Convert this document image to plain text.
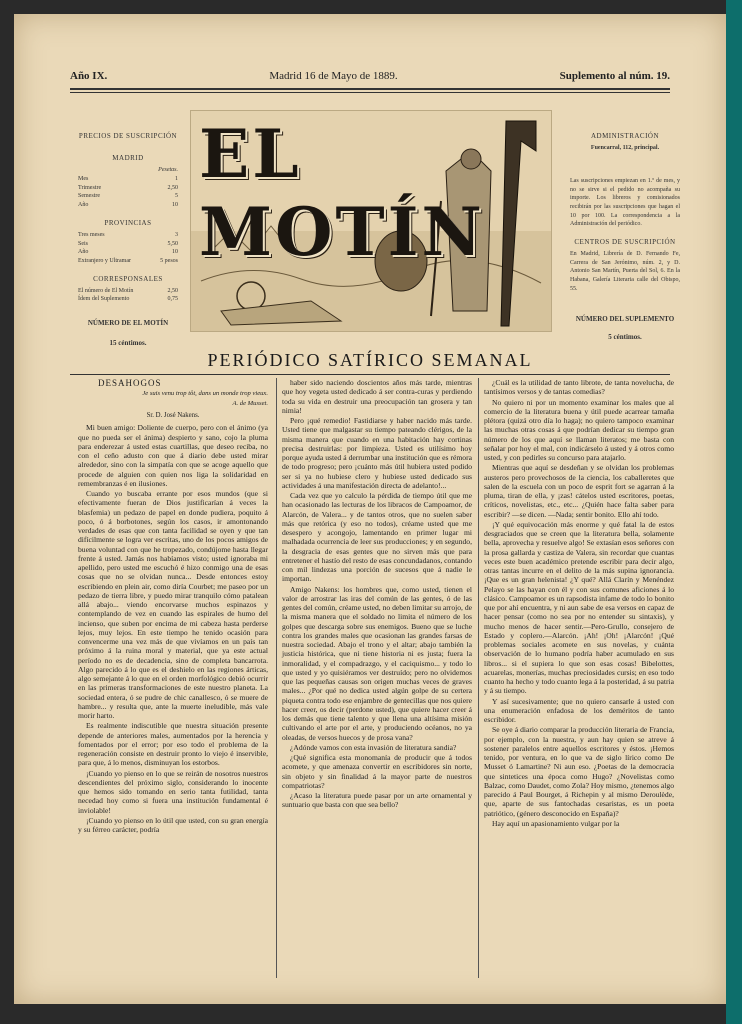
Año IX.	Madrid 16 de Mayo de 1889.	Suplemento al núm. 19.
PRECIOS DE SUSCRIPCIÓN
MADRID
Pesetas.
Mes	1
Trimestre	2,50
Semestre	5
Año	10
PROVINCIAS
Tres meses	3
Seis	5,50
Año	10
Extranjero y Ultramar	5 pesos
CORRESPONSALES
El número de El Motín	2,50
Ídem del Suplemento	0,75
NÚMERO DE EL MOTÍN
15 céntimos.
EL MOTÍN
ADMINISTRACIÓN
Fuencarral, 112, principal.
Las suscripciones empiezan en 1.º de mes, y no se sirve si el pedido no acompaña su importe. Los libreros y comisionados recibirán por las suscripciones que hagan el 10 por 100. La correspondencia a la Administración del periódico.
CENTROS DE SUSCRIPCIÓN
En Madrid, Librería de D. Fernando Fe, Carrera de San Jerónimo, núm. 2, y D. Antonio San Martín, Puerta del Sol, 6. En la Habana, Galería Literaria calle del Obispo, 55.
NÚMERO DEL SUPLEMENTO
5 céntimos.
PERIÓDICO SATÍRICO SEMANAL

DESAHOGOS

Je suis venu trop tôt, dans un monde trop vieux.

A. de Musset.

Sr. D. José Nakens.

Mi buen amigo: Doliente de cuerpo, pero con el ánimo (ya que no pueda ser el ánima) despierto y sano, cojo la pluma para enderezar á usted estas cuartillas, que deseo reciba, no con el ceño adusto con que á diario debe usted mirar alrededor, sino con la simpatía con que se acoge aquello que procede de alguien con quien nos liga la solidaridad en remembranzas é en ilusiones.

Cuando yo buscaba errante por esos mundos (que si efectivamente fueran de Dios justificarían á veces la blasfemia) un pedazo de papel en donde pudiera, poquito á poco, ó á borbotones, según los casos, ir amontonando verdades de esas que con tanta facilidad se oyen y que tan difícilmente se logra ver escritas, uno de los pocos amigos de buena voluntad con que he tropezado, condújome hasta llegar frente á usted. Jamás nos habíamos visto; usted ignoraba mi apellido, pero usted me escuchó é hizo conmigo una de esas cosas que no se olvidan nunca... Desde entonces estoy escribiendo en plein air, como diría Courbet; me paseo por un pedazo de tierra libre, y puedo mirar tranquilo cómo patalean allá abajo... viendo encorvarse muchos espinazos y contemplando de vez en cuando las espirales de humo del incienso, que suben por encima de mi cabeza hasta perderse lejos, muy lejos. En este tiempo he tenido ocasión para convencerme una vez más de que vivíamos en un país tan próximo á la ruina moral y material, que ya este actual período no es de decadencia, sino de completa bancarrota. Algo parecido á lo que es el deshielo en las regiones árticas, algo semejante á lo que en el orden morfológico debió ocurrir en las primeras transformaciones de este nuestro planeta. La sociedad entera, ó se pudre de chic canallesco, ó se muere de hambre... y resulta que, ante la muerte ineludible, más vale morir harto.

Es realmente indiscutible que nuestra situación presente depende de anteriores males, aumentados por la herencia y fomentados por el error; por eso todo el problema de la regeneración consiste en destruir pronto lo viejo é inservible, para que, á lo menos, disminuyan los estorbos.

¡Cuando yo pienso en lo que se reirán de nosotros nuestros descendientes del próximo siglo, considerando lo inocente que hemos sido tomando en serio tanta futilidad, tanta necedad hoy como si fuera una institución fundamental é inviolable!

¡Cuando yo pienso en lo útil que usted, con su gran energía y su férreo carácter, podría

haber sido naciendo doscientos años más tarde, mientras que hoy vegeta usted dedicado á ser contra-curas y perdiendo toda su vida en destruir una preocupación tan grosera y tan nimia!

Pero ¡qué remedio! Fastidiarse y haber nacido más tarde. Usted tiene que malgastar su tiempo pateando clérigos, de la misma manera que cuando en una habitación hay cortinas precisa destruirlas: por limpieza. Usted es utilísimo hoy porque ayuda usted á derrumbar una institución que es rémora de todo progreso; pero ¡cuánto más útil hubiera usted podido ser si ya no hubiese clero y hubiese usted dedicado sus actividades á una manifestación directa de adelanto!...

Cada vez que yo calculo la pérdida de tiempo útil que me han ocasionado las lecturas de los libracos de Campoamor, de Alarcón, de Valera... y de tantos otros, que no suelen saber más que retórica (y eso no todos), créame usted que me desespero y acongojo, lamentando en primer lugar mi malhadada ocurrencia de leer sus producciones; y en segundo, la desgracia de esas gentes que no sirven más que para entretener el hastío del resto de esas concundadanos, contando con mil lindezas una porción de sucesos que á nadie le importan.

Amigo Nakens: los hombres que, como usted, tienen el valor de arrostrar las iras del común de las gentes, ó de las gentes del común, créame usted, no deben limitar su arrojo, de la misma manera que el soldado no limita el número de los golpes que descarga sobre sus enemigos. Bueno que se luche contra los grandes males que ocasionan las grandes farsas de nuestra sociedad. Abajo el trono y el altar; abajo también la justicia histórica, que ni tiene historia ni es justa; fuera la inmoralidad, y el compadrazgo, y el caciquismo... y todo lo que usted y yo quisiéramos ver destruído; pero no olvidemos que las pequeñas causas son origen muchas veces de graves males... ¿Por qué no dedica usted algún golpe de su certera piqueta contra todo ese enjambre de gentecillas que nos quiere hacer creer, os decir (perdone usted), que quiere hacer creer á los demás que tiene talento y que llena una altísima misión cultivando el arte por el arte, y produciendo océanos, no ya oleadas, de versos huecos y de prosa vana?

¿Adónde vamos con esta invasión de literatura sandia?

¿Qué significa esta monomanía de producir que á todos acomete, y que amenaza convertir en escribidores sin norte, sin objeto y sin finalidad á la mayor parte de nuestros compatriotas?

¿Acaso la literatura puede pasar por un arte ornamental y suntuario que basta con que sea bello?

¿Cuál es la utilidad de tanto librote, de tanta novelucha, de tantísimos versos y de tantas comedias?

No quiero ni por un momento examinar los males que al comercio de la literatura buena y útil puede acarrear tamaña plétora (quizá otro día lo haga); no quiero tampoco examinar las muchas otras cosas á que podrían dedicar su tiempo gran número de los que aquí se llaman literatos; me basta con señalar por hoy el mal, con indicárselo á usted y á otros como usted, y con pedirles su concurso para atajarlo.

Mientras que aquí se desdeñan y se olvidan los problemas austeros pero provechosos de la ciencia, los caballeretes que salen de la escuela con un poco de esprit fort se agarran á la pluma, tiran de ella, y ¡zas! cátelos usted escritores, poetas, críticos, novelistas, etc., etc... ¿Quién hace falta saber para escribir? —se dicen. —Nada; sentir bonito. Ello ahí todo.

¡Y qué equivocación más enorme y qué fatal la de estos desgraciados que se creen que la literatura bella, solamente bella, aprovecha y resuelve algo! Se extasían esos señores con la prosa gallarda y castiza de Valera, sin recordar que cuantas veces este buen académico pretende escribir para decir algo, otras tantas incurre en el delito de la más supina ignorancia. ¡Que es un gran helenista! ¿Y qué? Allá Clarín y Menéndez Pelayo se las hayan con él y con sus comunes aficiones á lo clásico. Campoamor es un rapsodista infame de todo lo bonito que por ahí encuentra, y ni aun sabe de esa versos en capaz de hacer pensar (como no sea por no entender su sintaxis), y mucho menos de hacer sentir.—Pero-Grullo, consejero de Estado y coplero.—Alarcón. ¡Ah! ¡Oh! ¡Alarcón! ¡Qué problemas sociales acomete en sus novelas, y cuánta observación de lo humano podría haber acumulado en sus libros... si el supiera lo que son esas cosas! Bibelottes, acuarelas, monerías, muchas preciosidades cursis; en eso todo cuanto ha hecho y todo cuanto lega á la posteridad, á su patria y á su tiempo.

Y así sucesivamente; que no quiero cansarle á usted con una enumeración enfadosa de los deméritos de tanto escribidor.

Se oye á diario comparar la producción literaria de Francia, por ejemplo, con la nuestra, y aun hay quien se atreve á sostener paralelos entre aquellos escritores y éstos. ¡Hemos tenido, por ventura, en lo que va de siglo lírico como De Musset ó Lamartine? Ni aun eso. ¿Poetas de la democracia que sintetices una época como Hugo? ¿Novelistas como Balzac, como Daudet, como Zola? Hoy mismo, ¿tenemos algo parecido á Paul Bourget, á Richepin y al mismo Deroulède, que, aparte de sus fantochadas cesaristas, es un poeta patriótico, (género desconocido en España)?

Hay aquí un apasionamiento vulgar por la
